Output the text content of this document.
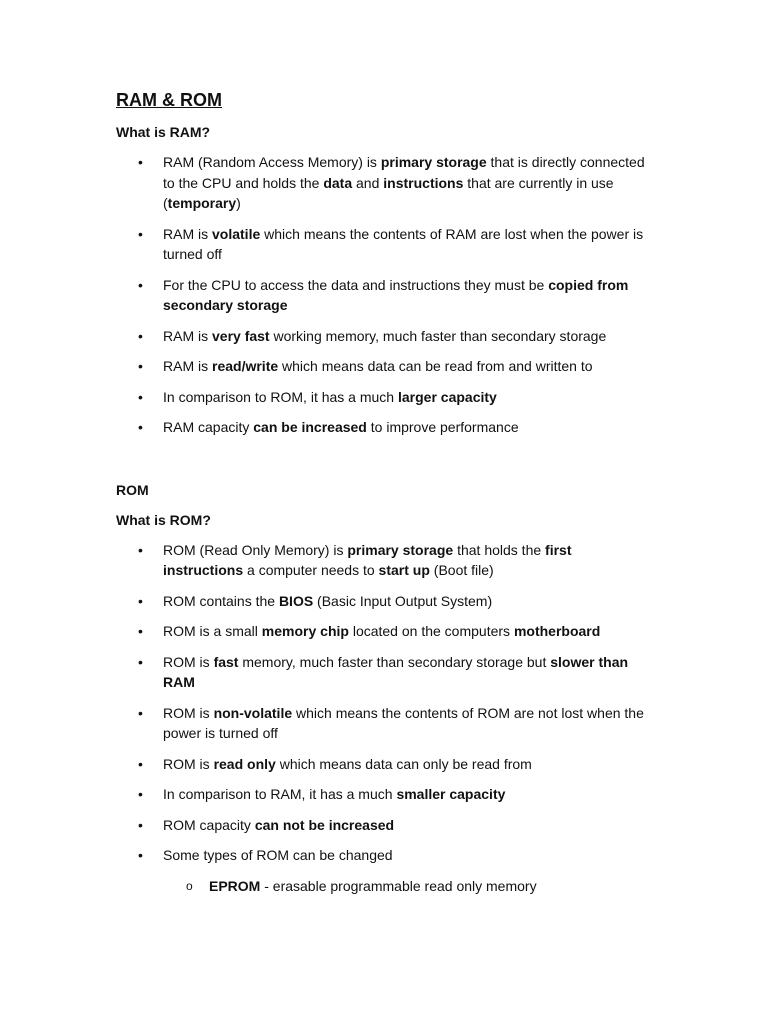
RAM & ROM
What is RAM?
• RAM (Random Access Memory) is primary storage that is directly connected to the CPU and holds the data and instructions that are currently in use (temporary)
• RAM is volatile which means the contents of RAM are lost when the power is turned off
• For the CPU to access the data and instructions they must be copied from secondary storage
• RAM is very fast working memory, much faster than secondary storage
• RAM is read/write which means data can be read from and written to
• In comparison to ROM, it has a much larger capacity
• RAM capacity can be increased to improve performance
ROM
What is ROM?
• ROM (Read Only Memory) is primary storage that holds the first instructions a computer needs to start up (Boot file)
• ROM contains the BIOS (Basic Input Output System)
• ROM is a small memory chip located on the computers motherboard
• ROM is fast memory, much faster than secondary storage but slower than RAM
• ROM is non-volatile which means the contents of ROM are not lost when the power is turned off
• ROM is read only which means data can only be read from
• In comparison to RAM, it has a much smaller capacity
• ROM capacity can not be increased
• Some types of ROM can be changed
o EPROM - erasable programmable read only memory
